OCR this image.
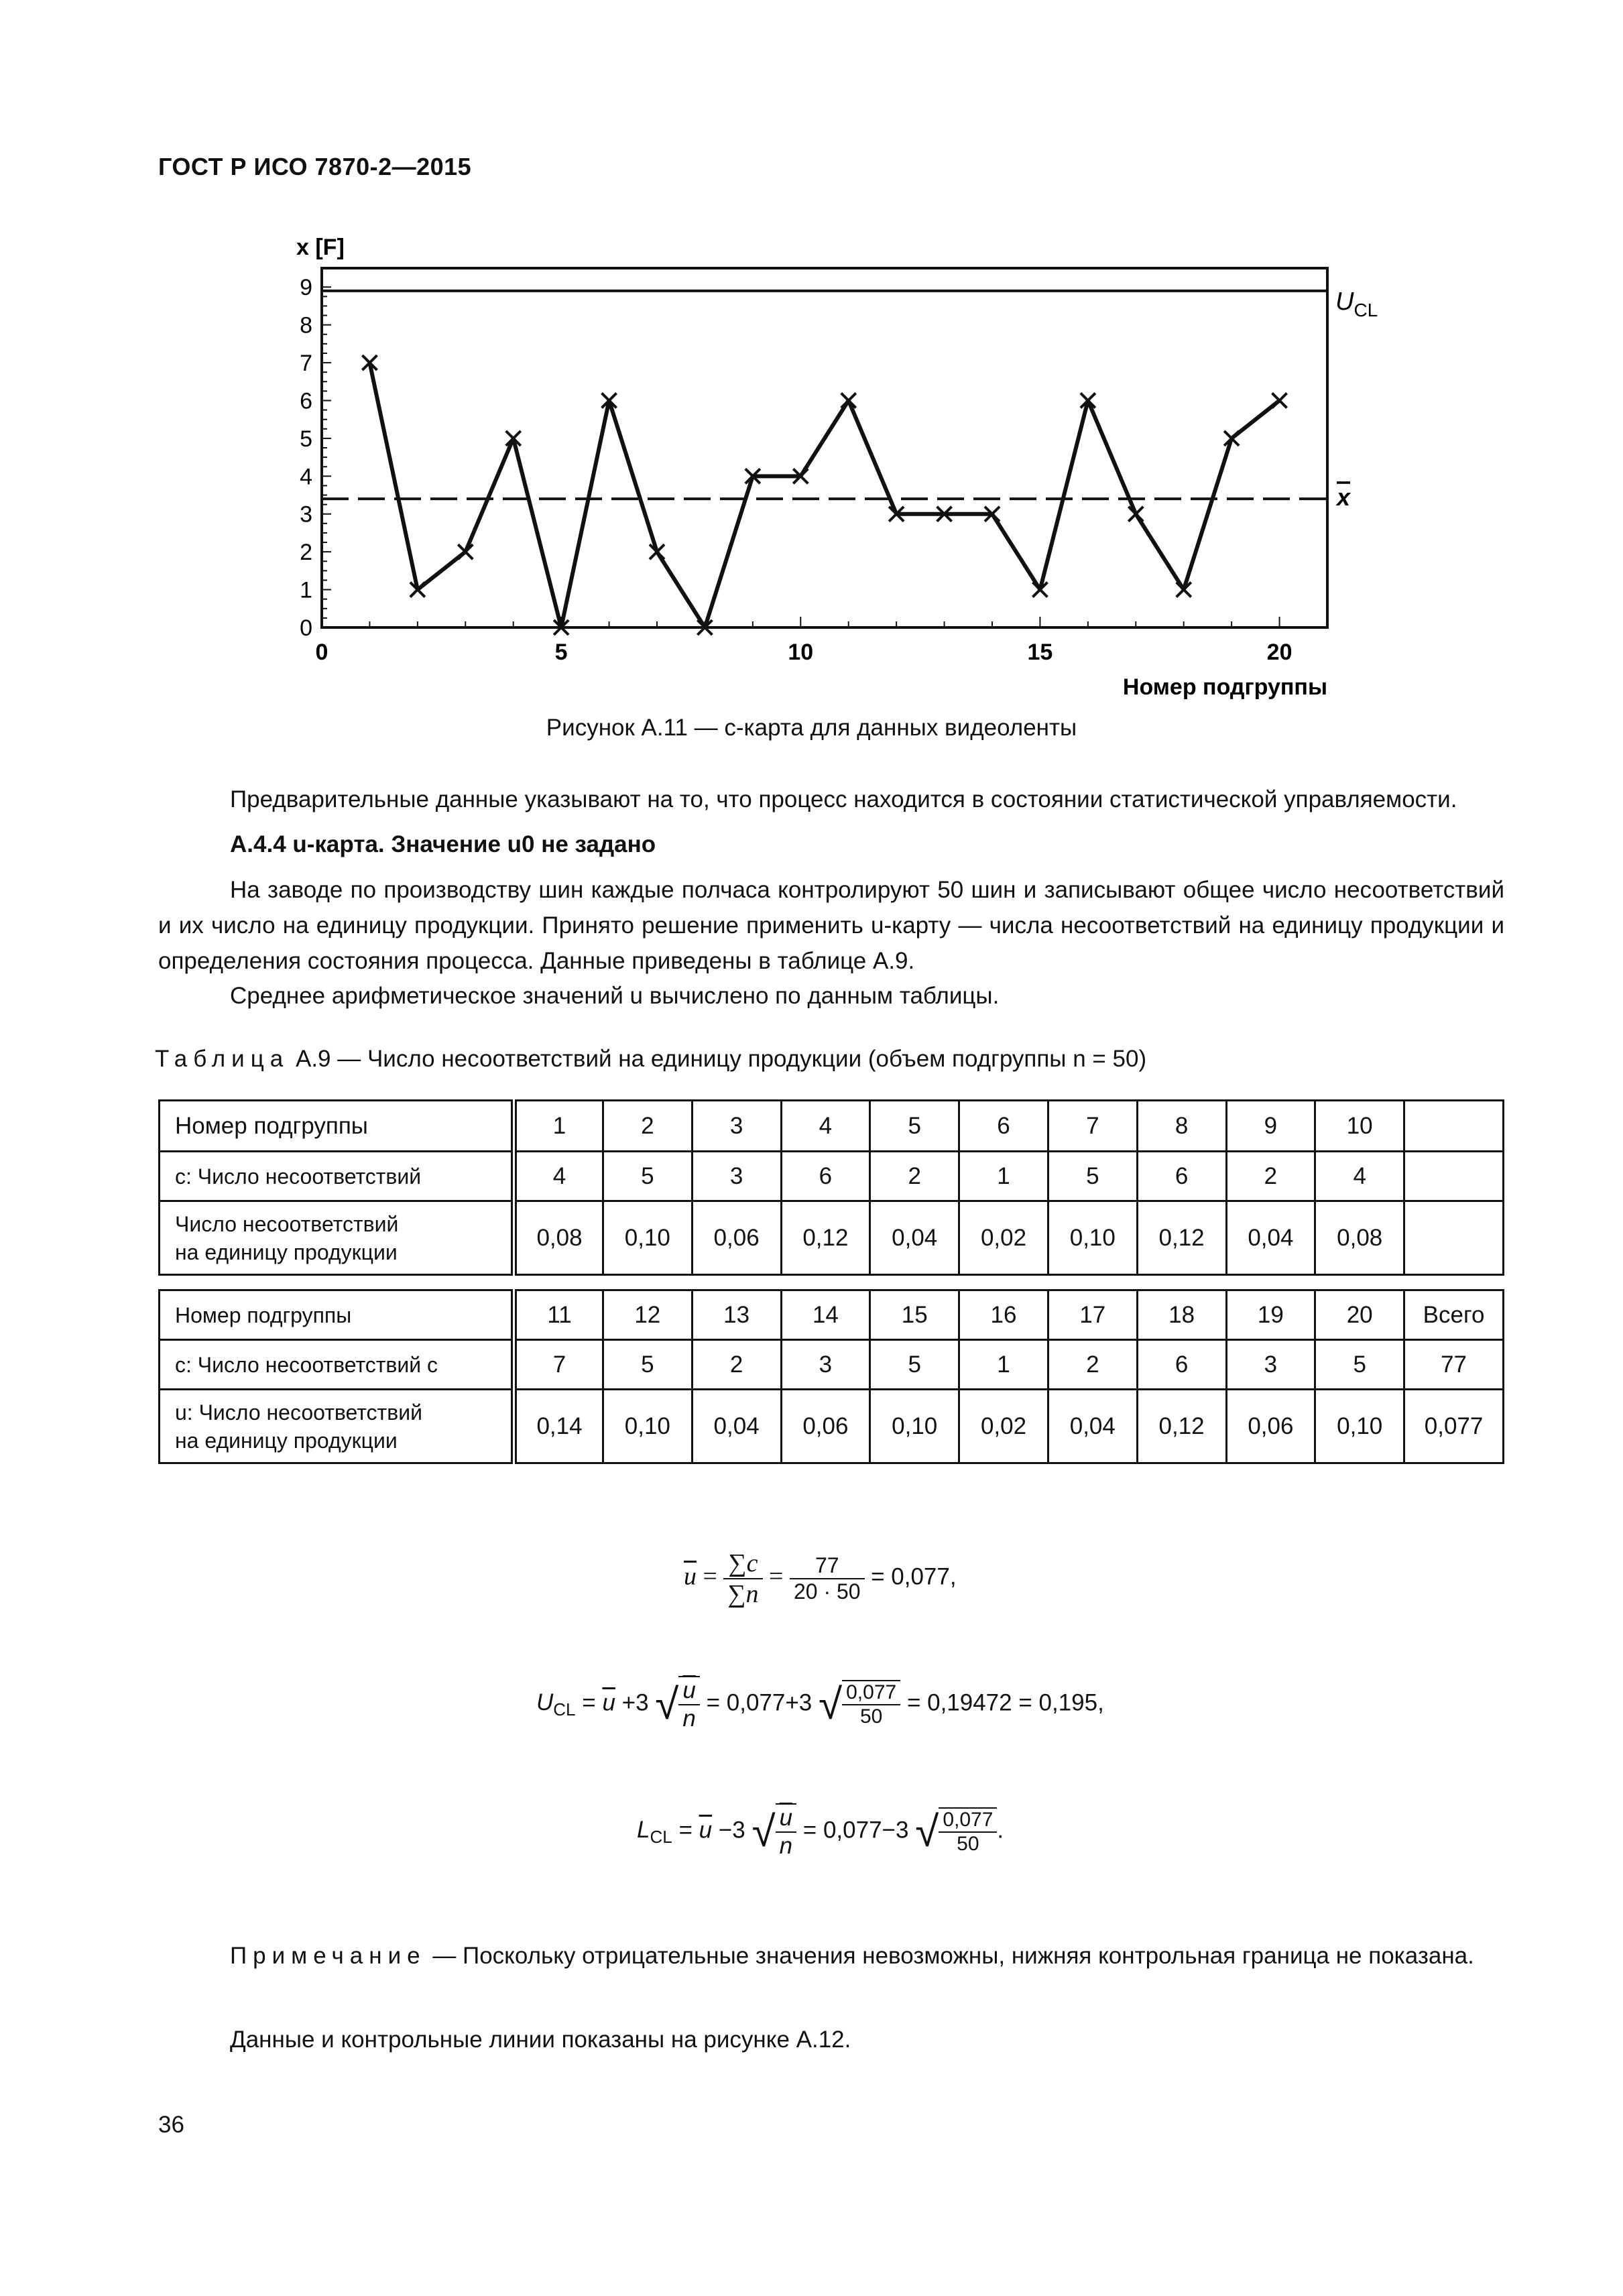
ГОСТ Р ИСО 7870-2—2015
0
1
2
3
4
5
6
7
8
9
0	5	10	15	20
x [F]
Номер подгруппы
$U_{CL}$
x
Рисунок А.11 — c-карта для данных видеоленты
Предварительные данные указывают на то, что процесс находится в состоянии статистической управляемости.
А.4.4 u-карта. Значение u0 не задано
На заводе по производству шин каждые полчаса контролируют 50 шин и записывают общее число несоответствий и их число на единицу продукции. Принято решение применить u-карту — числа несоответствий на единицу продукции и определения состояния процесса. Данные приведены в таблице А.9.
Среднее арифметическое значений u вычислено по данным таблицы.
Таблица А.9 — Число несоответствий на единицу продукции (объем подгруппы n = 50)
Номер подгруппы	1	2	3	4	5	6	7	8	9	10	
c: Число несоответствий	4	5	3	6	2	1	5	6	2	4	

Число несоответствий
на единицу продукции	0,08	0,10	0,06	0,12	0,04	0,02	0,10	0,12	0,04	0,08	

Номер подгруппы	11	12	13	14	15	16	17	18	19	20	Всего
c: Число несоответствий c	7	5	2	3	5	1	2	6	3	5	77

u: Число несоответствий
на единицу продукции	0,14	0,10	0,04	0,06	0,10	0,02	0,04	0,12	0,06	0,10	0,077
$\overline{u} = \frac{\sum c}{\sum n} = \frac{77}{20 \cdot 50} = 0,077$,
$U_{CL} = \overline{u} +3$ √ $\frac{u}{n} = 0,077+3$ √ $\frac{0,077}{50} = 0,19472 = 0,195$,
$L_{CL} = \overline{u} -3$ √ $\frac{u}{n} = 0,077-3$ √ $\frac{0,077}{50}$ .
Примечание — Поскольку отрицательные значения невозможны, нижняя контрольная граница не показана.
Данные и контрольные линии показаны на рисунке А.12.
36
